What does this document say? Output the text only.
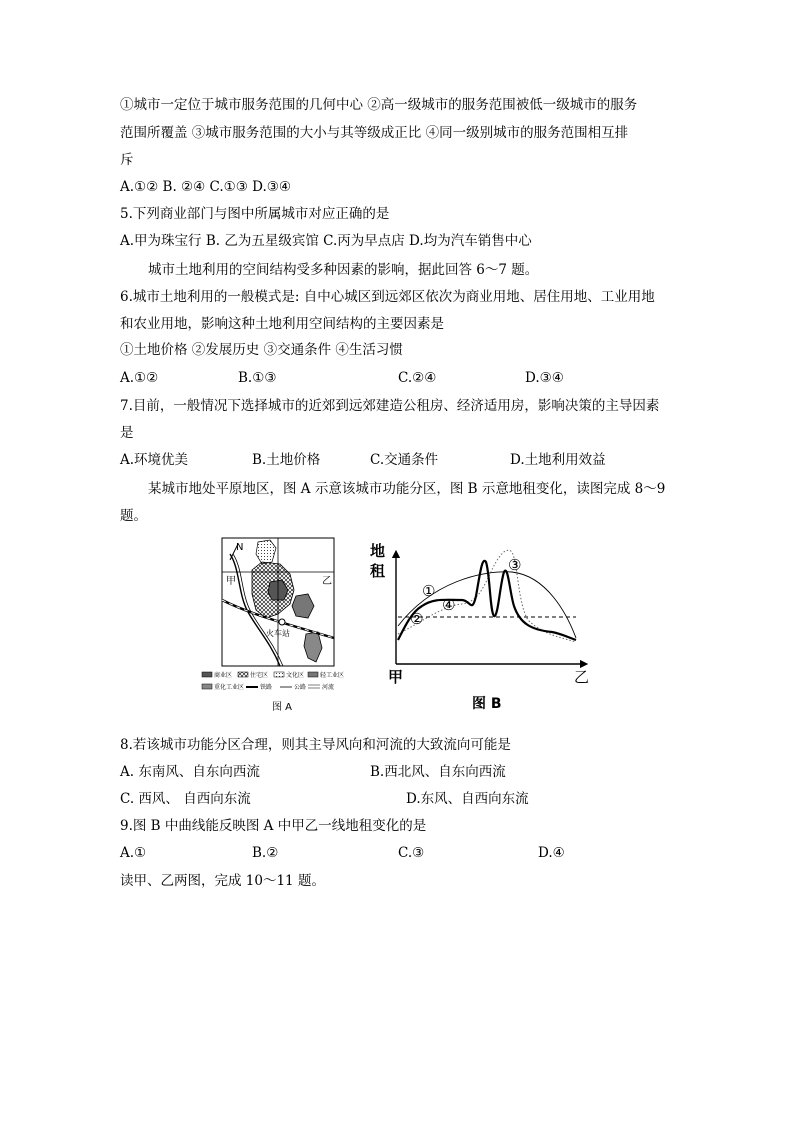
①城市一定位于城市服务范围的几何中心 ②高一级城市的服务范围被低一级城市的服务
范围所覆盖 ③城市服务范围的大小与其等级成正比 ④同一级别城市的服务范围相互排
斥
A.①② B. ②④ C.①③ D.③④
5.下列商业部门与图中所属城市对应正确的是
A.甲为珠宝行 B. 乙为五星级宾馆 C.丙为早点店 D.均为汽车销售中心
城市土地利用的空间结构受多种因素的影响，据此回答 6～7 题。
6.城市土地利用的一般模式是: 自中心城区到远郊区依次为商业用地、居住用地、工业用地
和农业用地，影响这种土地利用空间结构的主要因素是
①土地价格 ②发展历史 ③交通条件 ④生活习惯
A.①②	B.①③	C.②④	D.③④
7.目前，一般情况下选择城市的近郊到远郊建造公租房、经济适用房，影响决策的主导因素
是
A.环境优美	B.土地价格	C.交通条件	D.土地利用效益
某城市地处平原地区，图 A 示意该城市功能分区，图 B 示意地租变化，读图完成 8～9
题。
N
甲	乙
火车站
商业区	住宅区	文化区	轻工业区
重化工业区	铁路	公路	河流
图 A
地
租
①
②
③
④
甲	乙
图 B
8.若该城市功能分区合理，则其主导风向和河流的大致流向可能是
A. 东南风、自东向西流	B.西北风、自东向西流
C. 西风、 自西向东流	D.东风、自西向东流
9.图 B 中曲线能反映图 A 中甲乙一线地租变化的是
A.①	B.②	C.③	D.④
读甲、乙两图，完成 10～11 题。
